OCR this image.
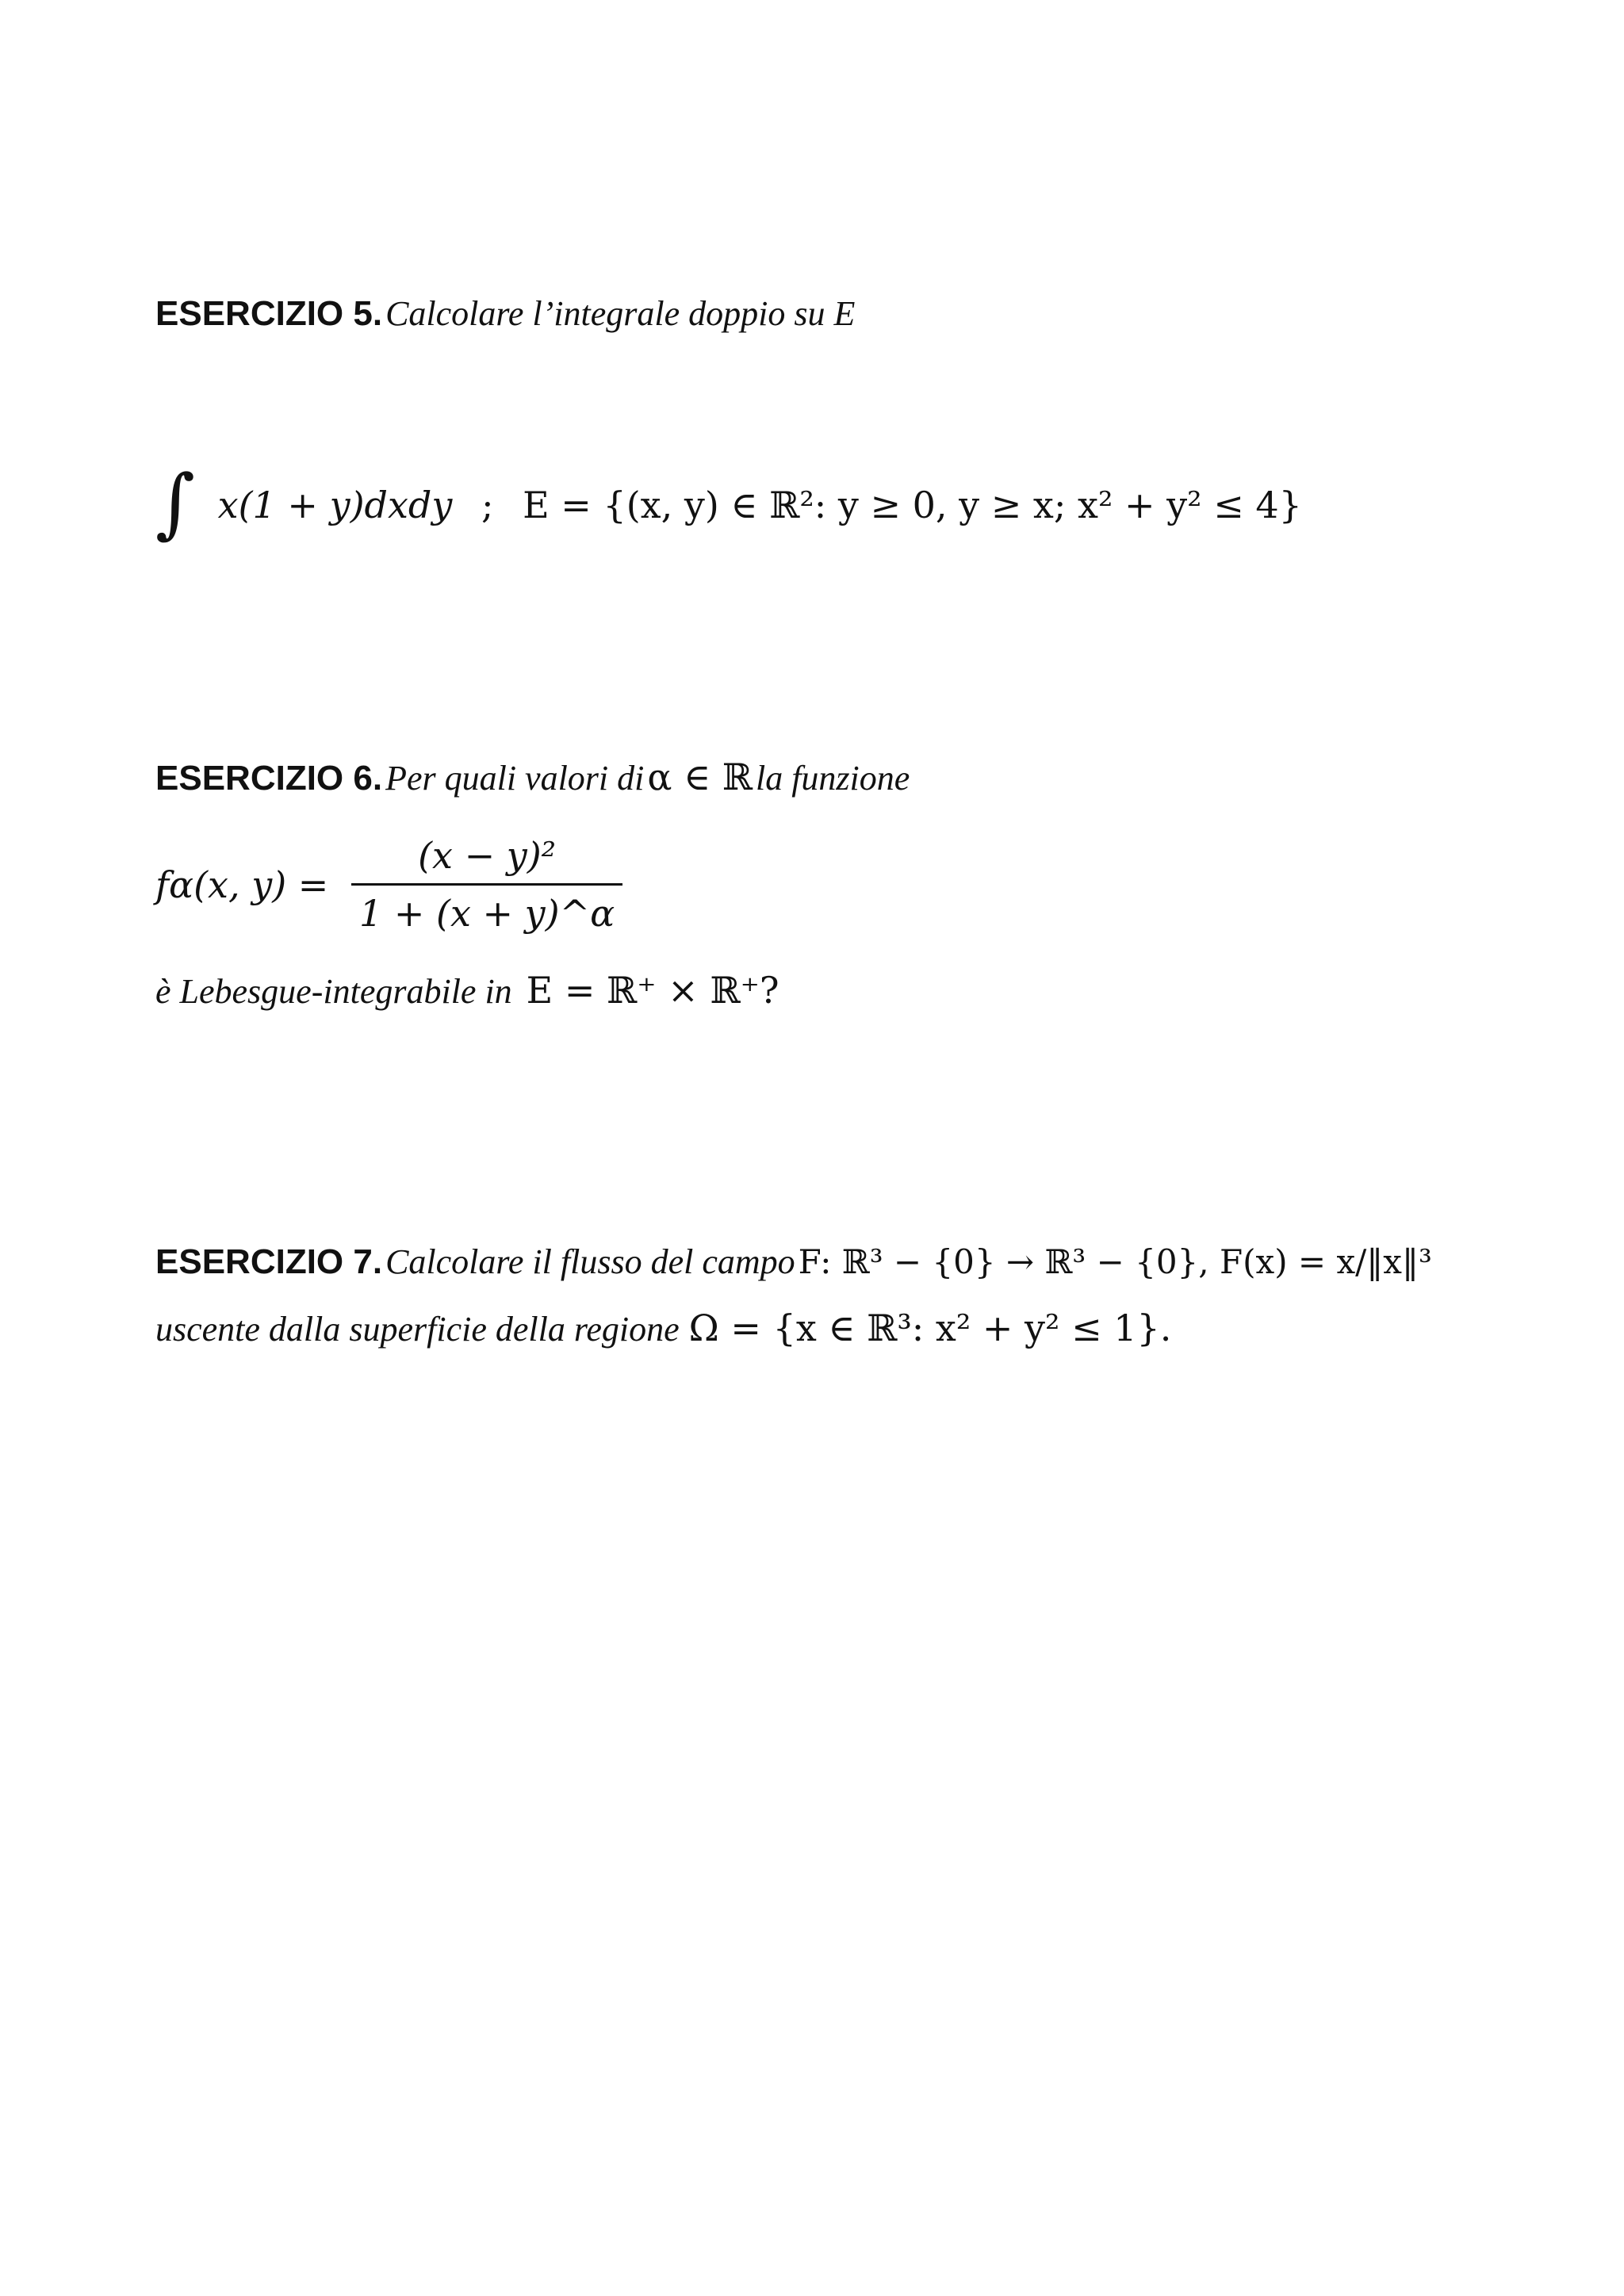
ESERCIZIO 5. Calcolare l’integrale doppio su E
∫ x(1 + y)dxdy ; E = {(x, y) ∈ ℝ²: y ≥ 0, y ≥ x; x² + y² ≤ 4}
ESERCIZIO 6. Per quali valori di α ∈ ℝ la funzione
fα(x, $y) = \frac{\text{(x − y)²}}{1 + (x + y)\^{}\alpha}$
è Lebesgue-integrabile in E = ℝ⁺ × ℝ⁺?
ESERCIZIO 7. Calcolare il flusso del campo F: ℝ³ − {0} → ℝ³ − {0}, F(x) = x/‖x‖³
uscente dalla superficie della regione Ω = {x ∈ ℝ³: x² + y² ≤ 1}.
